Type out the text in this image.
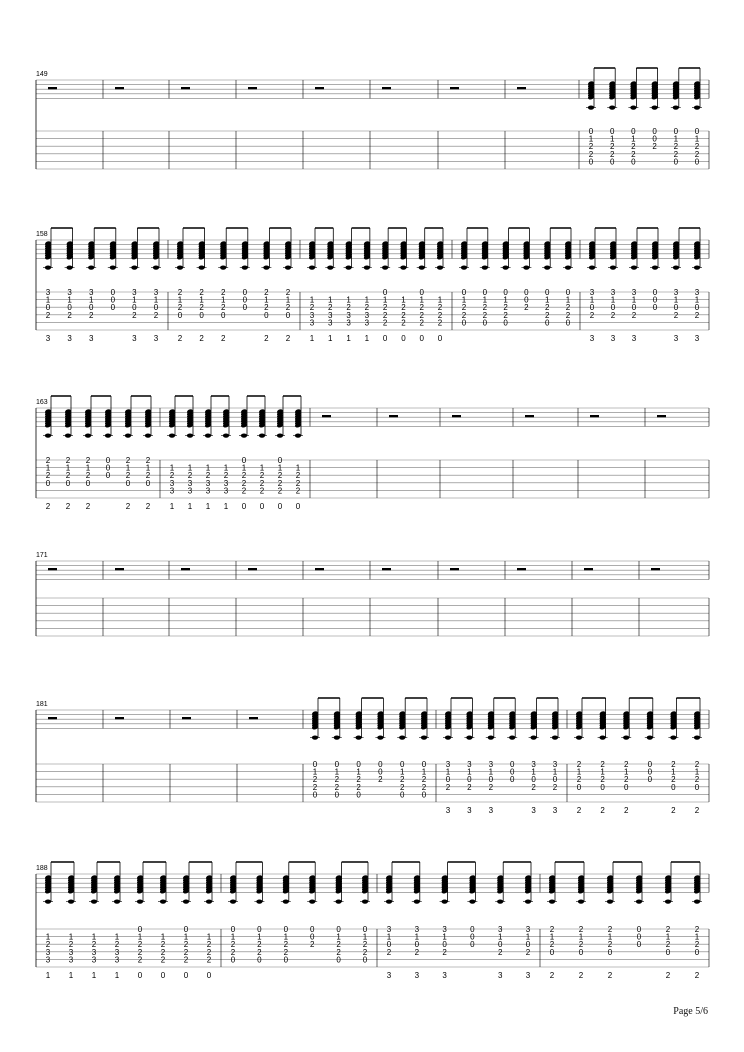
149
0
1
2
2
0
0
1
2
2
0
0
1
2
2
0
0
0
2
0
1
2
2
0
0
1
2
2
0
158
3
1
0
2
3
3
1
0
2
3
3
1
0
2
3
0
0
0
3
1
0
2
3
3
1
0
2
3
2
1
2
0
2
2
1
2
0
2
2
1
2
0
2
0
0
0
2
1
2
0
2
2
1
2
0
2
1
2
3
3
1
1
2
3
3
1
1
2
3
3
1
1
2
3
3
1
0
1
2
2
2
0
1
2
2
2
0
0
1
2
2
2
0
1
2
2
2
0
0
1
2
2
0
0
1
2
2
0
0
1
2
2
0
0
0
2
0
1
2
2
0
0
1
2
2
0
3
1
0
2
3
3
1
0
2
3
3
1
0
2
3
0
0
0
3
1
0
2
3
3
1
0
2
3
163
2
1
2
0
2
2
1
2
0
2
2
1
2
0
2
0
0
0
2
1
2
0
2
2
1
2
0
2
1
2
3
3
1
1
2
3
3
1
1
2
3
3
1
1
2
3
3
1
0
1
2
2
2
0
1
2
2
2
0
0
1
2
2
2
0
1
2
2
2
0
171
181
0
1
2
2
0
0
1
2
2
0
0
1
2
2
0
0
0
2
0
1
2
2
0
0
1
2
2
0
3
1
0
2
3
3
1
0
2
3
3
1
0
2
3
0
0
0
3
1
0
2
3
3
1
0
2
3
2
1
2
0
2
2
1
2
0
2
2
1
2
0
2
0
0
0
2
1
2
0
2
2
1
2
0
2
188
1
2
3
3
1
1
2
3
3
1
1
2
3
3
1
1
2
3
3
1
0
1
2
2
2
0
1
2
2
2
0
0
1
2
2
2
0
1
2
2
2
0
0
1
2
2
0
0
1
2
2
0
0
1
2
2
0
0
0
2
0
1
2
2
0
0
1
2
2
0
3
1
0
2
3
3
1
0
2
3
3
1
0
2
3
0
0
0
3
1
0
2
3
3
1
0
2
3
2
1
2
0
2
2
1
2
0
2
2
1
2
0
2
0
0
0
2
1
2
0
2
2
1
2
0
2
Page 5/6
